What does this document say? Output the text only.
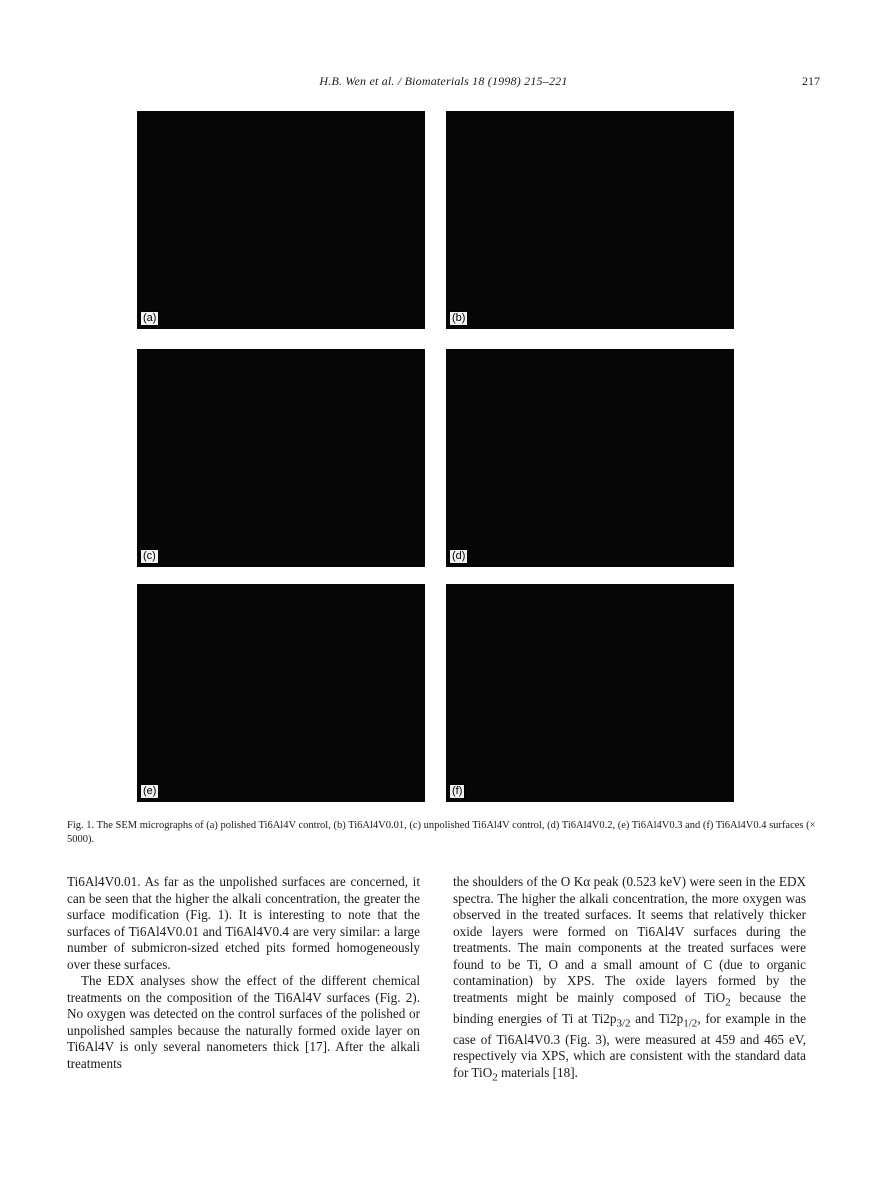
H.B. Wen et al. / Biomaterials 18 (1998) 215–221	217
(a)	(b)
(c)	(d)
(e)	(f)
Fig. 1. The SEM micrographs of (a) polished Ti6Al4V control, (b) Ti6Al4V0.01, (c) unpolished Ti6Al4V control, (d) Ti6Al4V0.2, (e) Ti6Al4V0.3 and (f) Ti6Al4V0.4 surfaces (× 5000).

Ti6Al4V0.01. As far as the unpolished surfaces are concerned, it can be seen that the higher the alkali concentration, the greater the surface modification (Fig. 1). It is interesting to note that the surfaces of Ti6Al4V0.01 and Ti6Al4V0.4 are very similar: a large number of submicron-sized etched pits formed homogeneously over these surfaces.

The EDX analyses show the effect of the different chemical treatments on the composition of the Ti6Al4V surfaces (Fig. 2). No oxygen was detected on the control surfaces of the polished or unpolished samples because the naturally formed oxide layer on Ti6Al4V is only several nanometers thick [17]. After the alkali treatments

the shoulders of the O Kα peak (0.523 keV) were seen in the EDX spectra. The higher the alkali concentration, the more oxygen was observed in the treated surfaces. It seems that relatively thicker oxide layers were formed on Ti6Al4V surfaces during the treatments. The main components at the treated surfaces were found to be Ti, O and a small amount of C (due to organic contamination) by XPS. The oxide layers formed by the treatments might be mainly composed of TiO$_2$ because the binding energies of Ti at $Ti2p_{3/2}$ and $Ti2p_{1/2}$, for example in the case of Ti6Al4V0.3 (Fig. 3), were measured at 459 and 465 eV, respectively via XPS, which are consistent with the standard data for TiO$_2$ materials [18].
